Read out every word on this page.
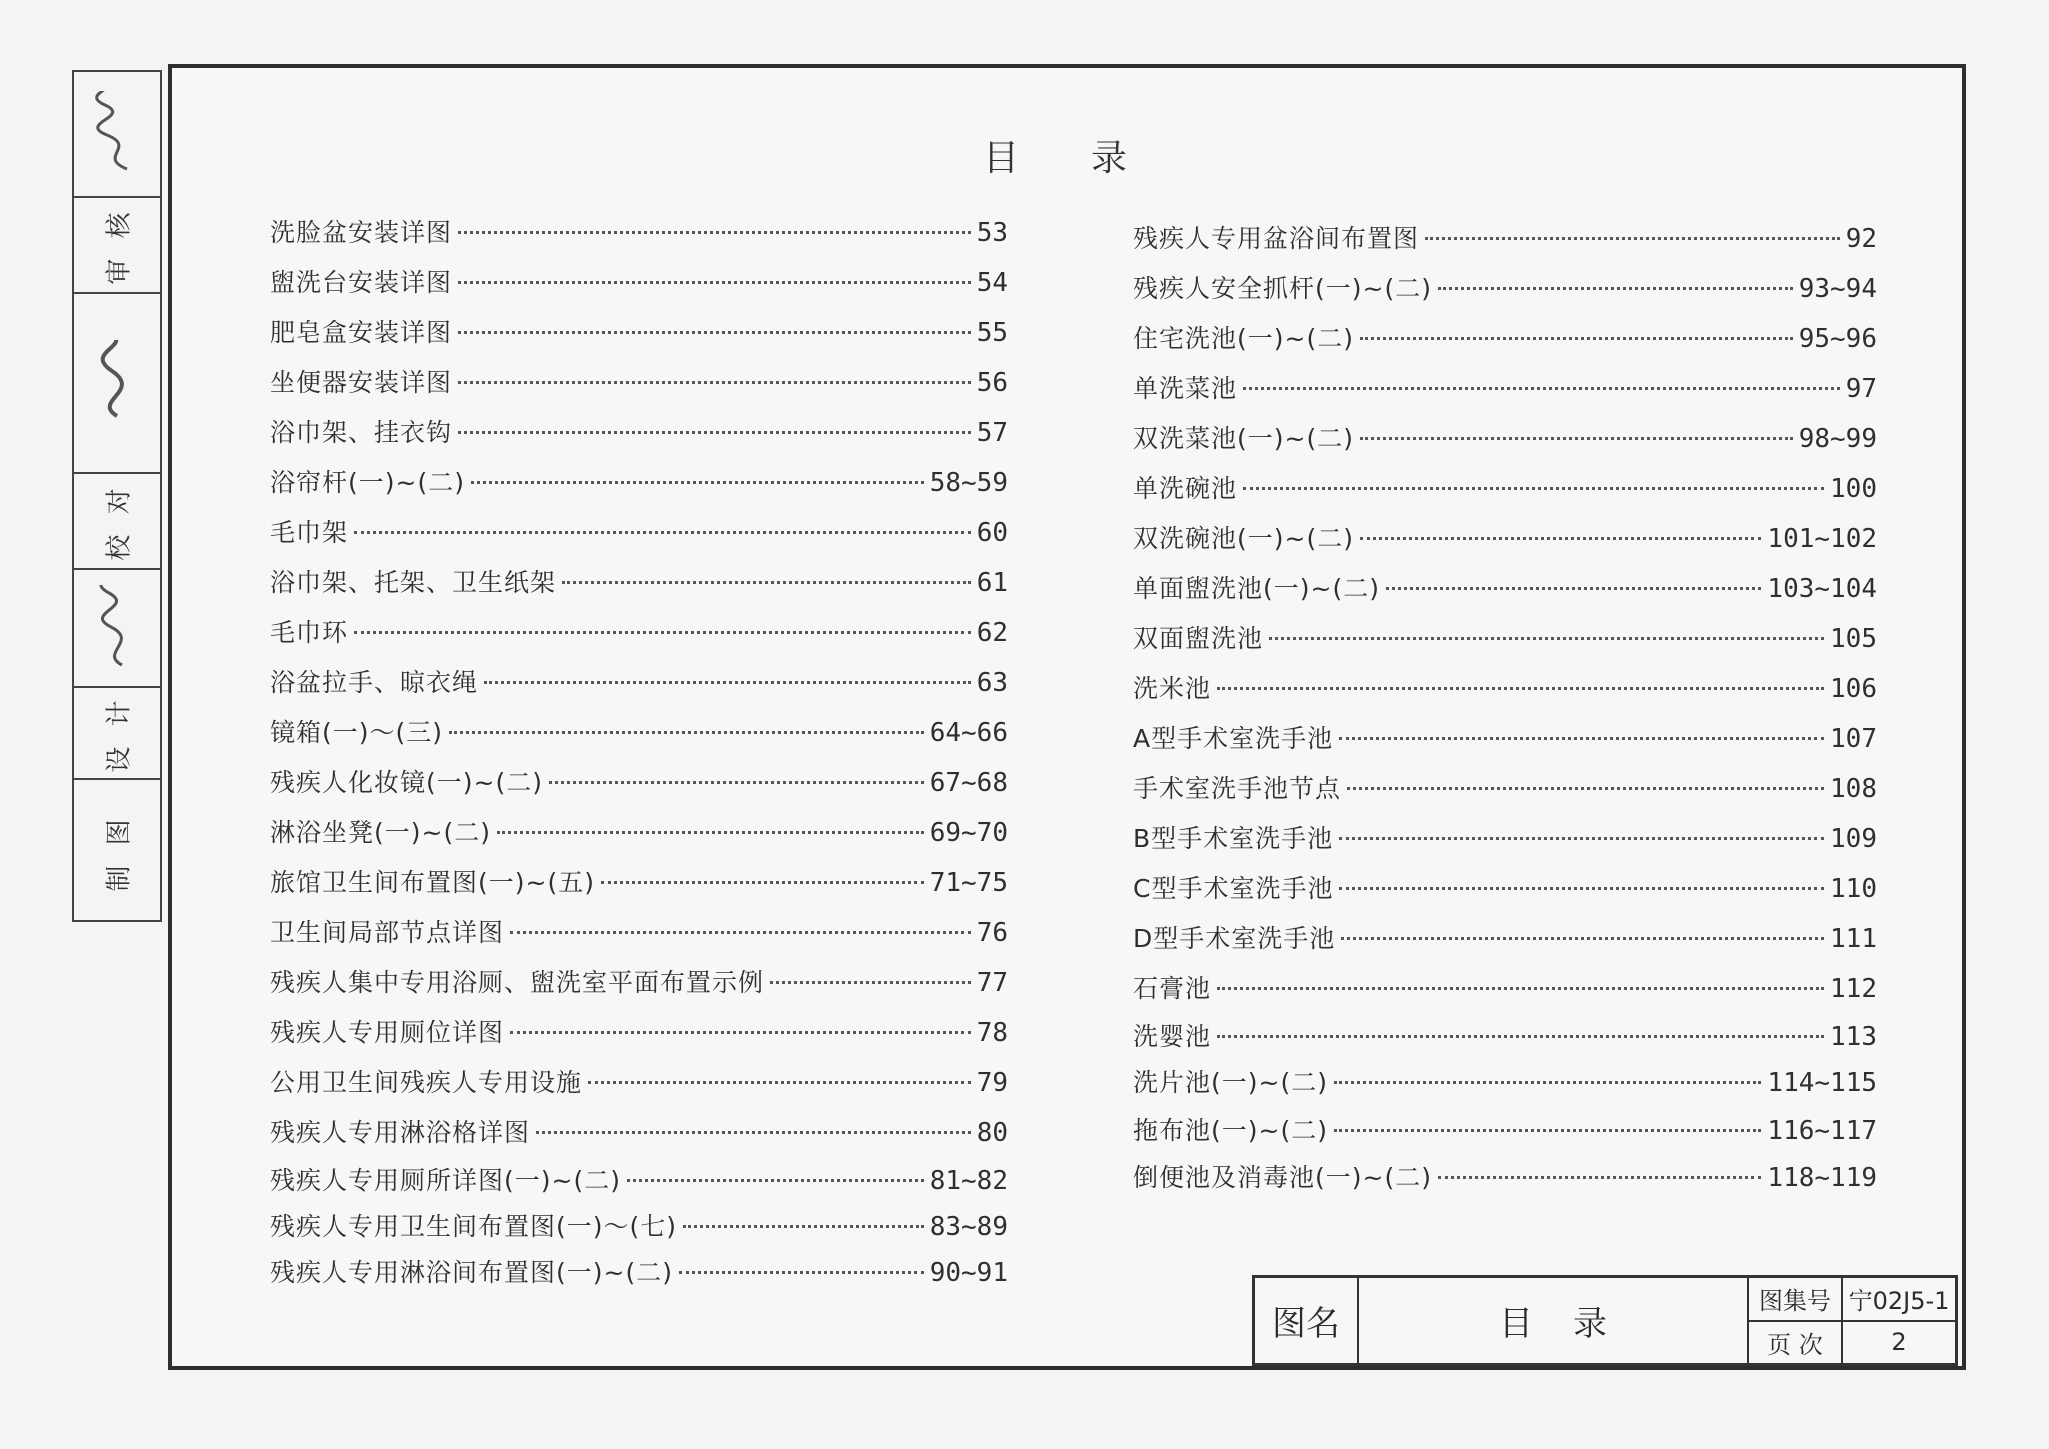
审 核
校 对
设 计
制 图
目　　录
洗脸盆安装详图	53
盥洗台安装详图	54
肥皂盒安装详图	55
坐便器安装详图	56
浴巾架、挂衣钩	57
浴帘杆(一)~(二)	58~59
毛巾架	60
浴巾架、托架、卫生纸架	61
毛巾环	62
浴盆拉手、晾衣绳	63
镜箱(一)～(三)	64~66
残疾人化妆镜(一)~(二)	67~68
淋浴坐凳(一)~(二)	69~70
旅馆卫生间布置图(一)~(五)	71~75
卫生间局部节点详图	76
残疾人集中专用浴厕、盥洗室平面布置示例	77
残疾人专用厕位详图	78
公用卫生间残疾人专用设施	79
残疾人专用淋浴格详图	80
残疾人专用厕所详图(一)~(二)	81~82
残疾人专用卫生间布置图(一)～(七)	83~89
残疾人专用淋浴间布置图(一)~(二)	90~91
残疾人专用盆浴间布置图	92
残疾人安全抓杆(一)~(二)	93~94
住宅洗池(一)~(二)	95~96
单洗菜池	97
双洗菜池(一)~(二)	98~99
单洗碗池	100
双洗碗池(一)~(二)	101~102
单面盥洗池(一)~(二)	103~104
双面盥洗池	105
洗米池	106
A型手术室洗手池	107
手术室洗手池节点	108
B型手术室洗手池	109
C型手术室洗手池	110
D型手术室洗手池	111
石膏池	112
洗婴池	113
洗片池(一)~(二)	114~115
拖布池(一)~(二)	116~117
倒便池及消毒池(一)~(二)	118~119
图名	目录
图集号 宁02J5-1
页 次	2
